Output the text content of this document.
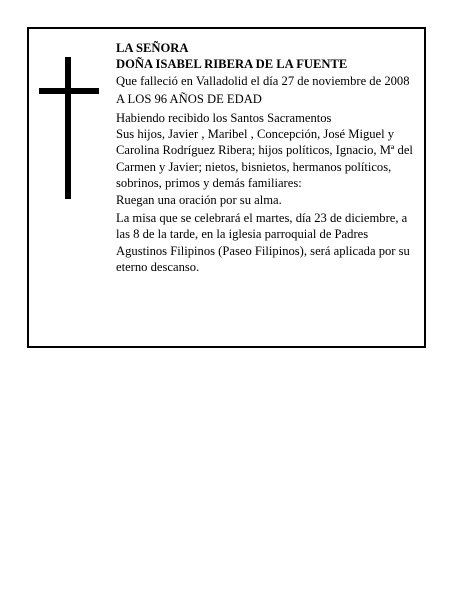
LA SEÑORA

DOÑA ISABEL RIBERA DE LA FUENTE

Que falleció en Valladolid el día 27 de noviembre de 2008

A LOS 96 AÑOS DE EDAD

Habiendo recibido los Santos Sacramentos

Sus hijos, Javier , Maribel , Concepción, José Miguel y Carolina Rodríguez Ribera; hijos políticos, Ignacio, Mª del Carmen y Javier; nietos, bisnietos, hermanos políticos, sobrinos, primos y demás familiares:

Ruegan una oración por su alma.

La misa que se celebrará el martes, día 23 de diciembre, a las 8 de la tarde, en la iglesia parroquial de Padres Agustinos Filipinos (Paseo Filipinos), será aplicada por su eterno descanso.
